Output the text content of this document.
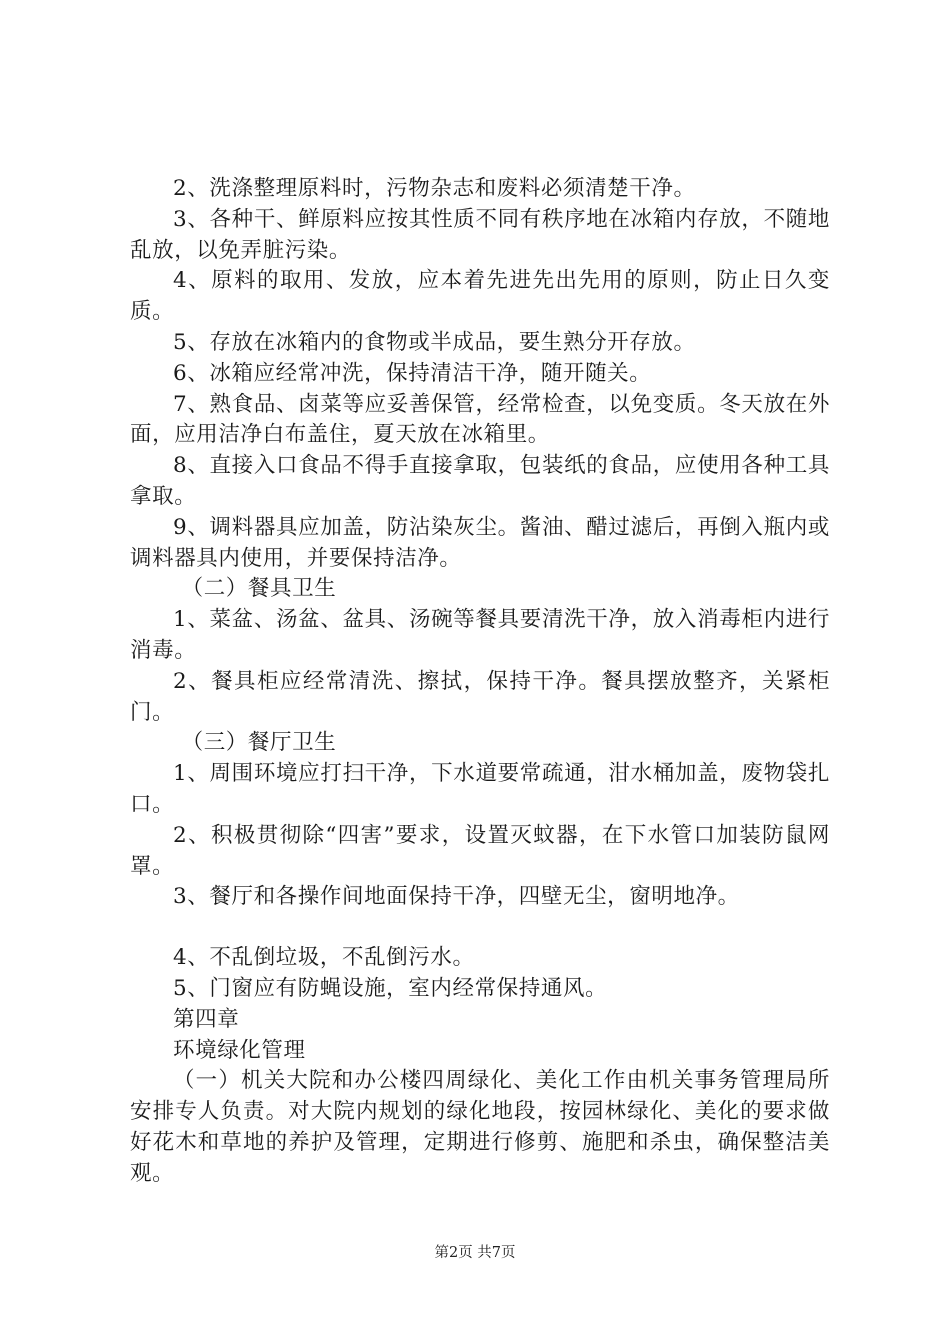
2、洗涤整理原料时，污物杂志和废料必须清楚干净。

3、各种干、鲜原料应按其性质不同有秩序地在冰箱内存放，不随地乱放，以免弄脏污染。

4、原料的取用、发放，应本着先进先出先用的原则，防止日久变质。

5、存放在冰箱内的食物或半成品，要生熟分开存放。

6、冰箱应经常冲洗，保持清洁干净，随开随关。

7、熟食品、卤菜等应妥善保管，经常检查，以免变质。冬天放在外面，应用洁净白布盖住，夏天放在冰箱里。

8、直接入口食品不得手直接拿取，包装纸的食品，应使用各种工具拿取。

9、调料器具应加盖，防沾染灰尘。酱油、醋过滤后，再倒入瓶内或调料器具内使用，并要保持洁净。

（二）餐具卫生

1、菜盆、汤盆、盆具、汤碗等餐具要清洗干净，放入消毒柜内进行消毒。

2、餐具柜应经常清洗、擦拭，保持干净。餐具摆放整齐，关紧柜门。

（三）餐厅卫生

1、周围环境应打扫干净，下水道要常疏通，泔水桶加盖，废物袋扎口。

2、积极贯彻除“四害”要求，设置灭蚊器，在下水管口加装防鼠网罩。

3、餐厅和各操作间地面保持干净，四壁无尘，窗明地净。

4、不乱倒垃圾，不乱倒污水。

5、门窗应有防蝇设施，室内经常保持通风。

第四章

环境绿化管理

（一）机关大院和办公楼四周绿化、美化工作由机关事务管理局所安排专人负责。对大院内规划的绿化地段，按园林绿化、美化的要求做好花木和草地的养护及管理，定期进行修剪、施肥和杀虫，确保整洁美观。

第2页 共7页
